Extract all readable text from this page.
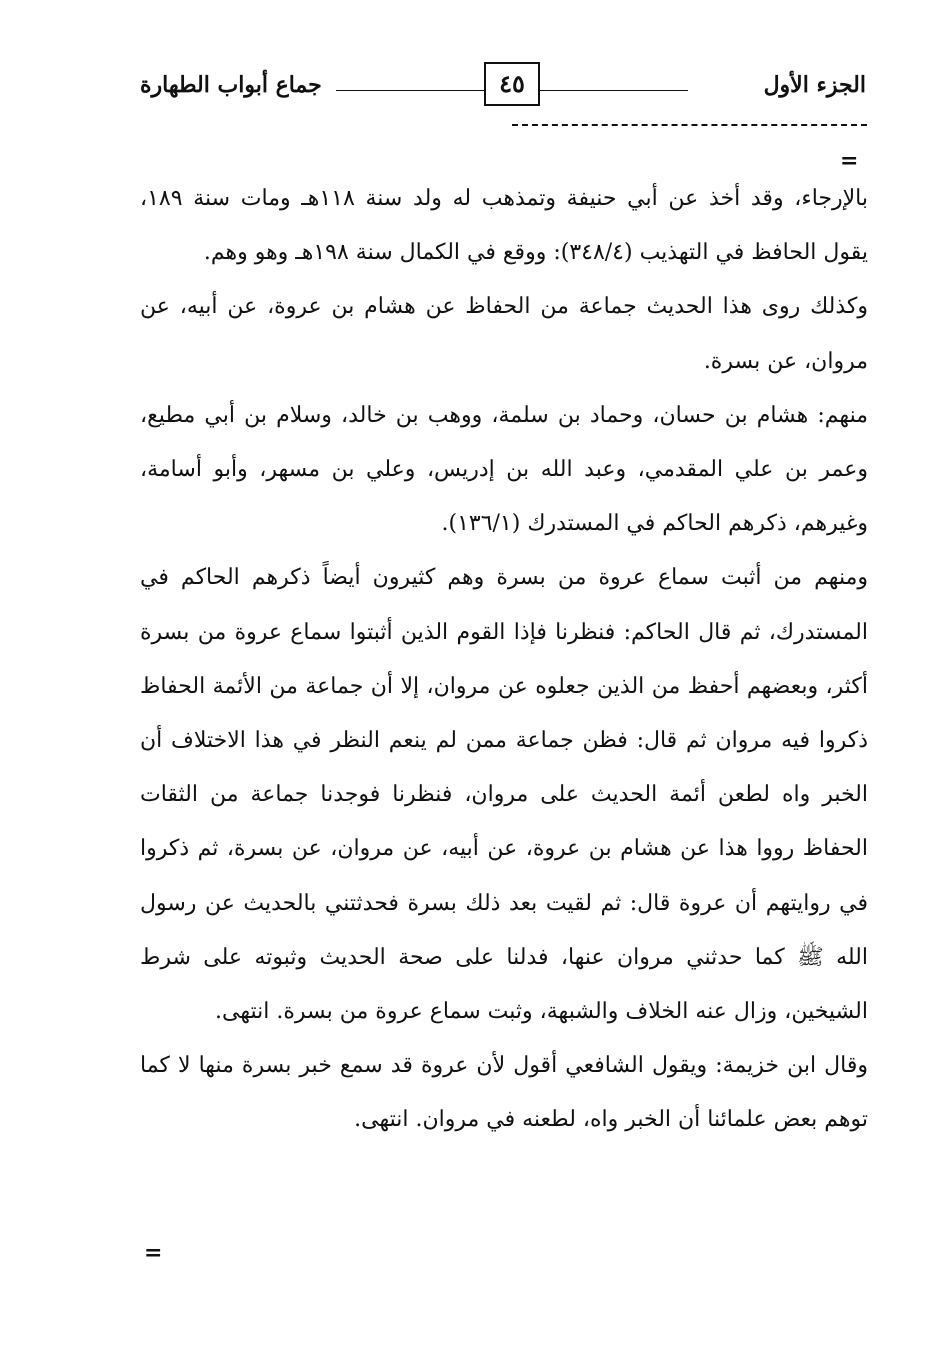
الجزء الأول
٤٥
جماع أبواب الطهارة
=

بالإرجاء، وقد أخذ عن أبي حنيفة وتمذهب له ولد سنة ١١٨هـ ومات سنة ١٨٩، يقول الحافظ في التهذيب (٣٤٨/٤): ووقع في الكمال سنة ١٩٨هـ وهو وهم.

وكذلك روى هذا الحديث جماعة من الحفاظ عن هشام بن عروة، عن أبيه، عن مروان، عن بسرة.

منهم: هشام بن حسان، وحماد بن سلمة، ووهب بن خالد، وسلام بن أبي مطيع، وعمر بن علي المقدمي، وعبد الله بن إدريس، وعلي بن مسهر، وأبو أسامة، وغيرهم، ذكرهم الحاكم في المستدرك (١٣٦/١).

ومنهم من أثبت سماع عروة من بسرة وهم كثيرون أيضاً ذكرهم الحاكم في المستدرك، ثم قال الحاكم: فنظرنا فإذا القوم الذين أثبتوا سماع عروة من بسرة أكثر، وبعضهم أحفظ من الذين جعلوه عن مروان، إلا أن جماعة من الأئمة الحفاظ ذكروا فيه مروان ثم قال: فظن جماعة ممن لم ينعم النظر في هذا الاختلاف أن الخبر واه لطعن أئمة الحديث على مروان، فنظرنا فوجدنا جماعة من الثقات الحفاظ رووا هذا عن هشام بن عروة، عن أبيه، عن مروان، عن بسرة، ثم ذكروا في روايتهم أن عروة قال: ثم لقيت بعد ذلك بسرة فحدثتني بالحديث عن رسول الله ﷺ كما حدثني مروان عنها، فدلنا على صحة الحديث وثبوته على شرط الشيخين، وزال عنه الخلاف والشبهة، وثبت سماع عروة من بسرة. انتهى.

وقال ابن خزيمة: ويقول الشافعي أقول لأن عروة قد سمع خبر بسرة منها لا كما توهم بعض علمائنا أن الخبر واه، لطعنه في مروان. انتهى.

=
